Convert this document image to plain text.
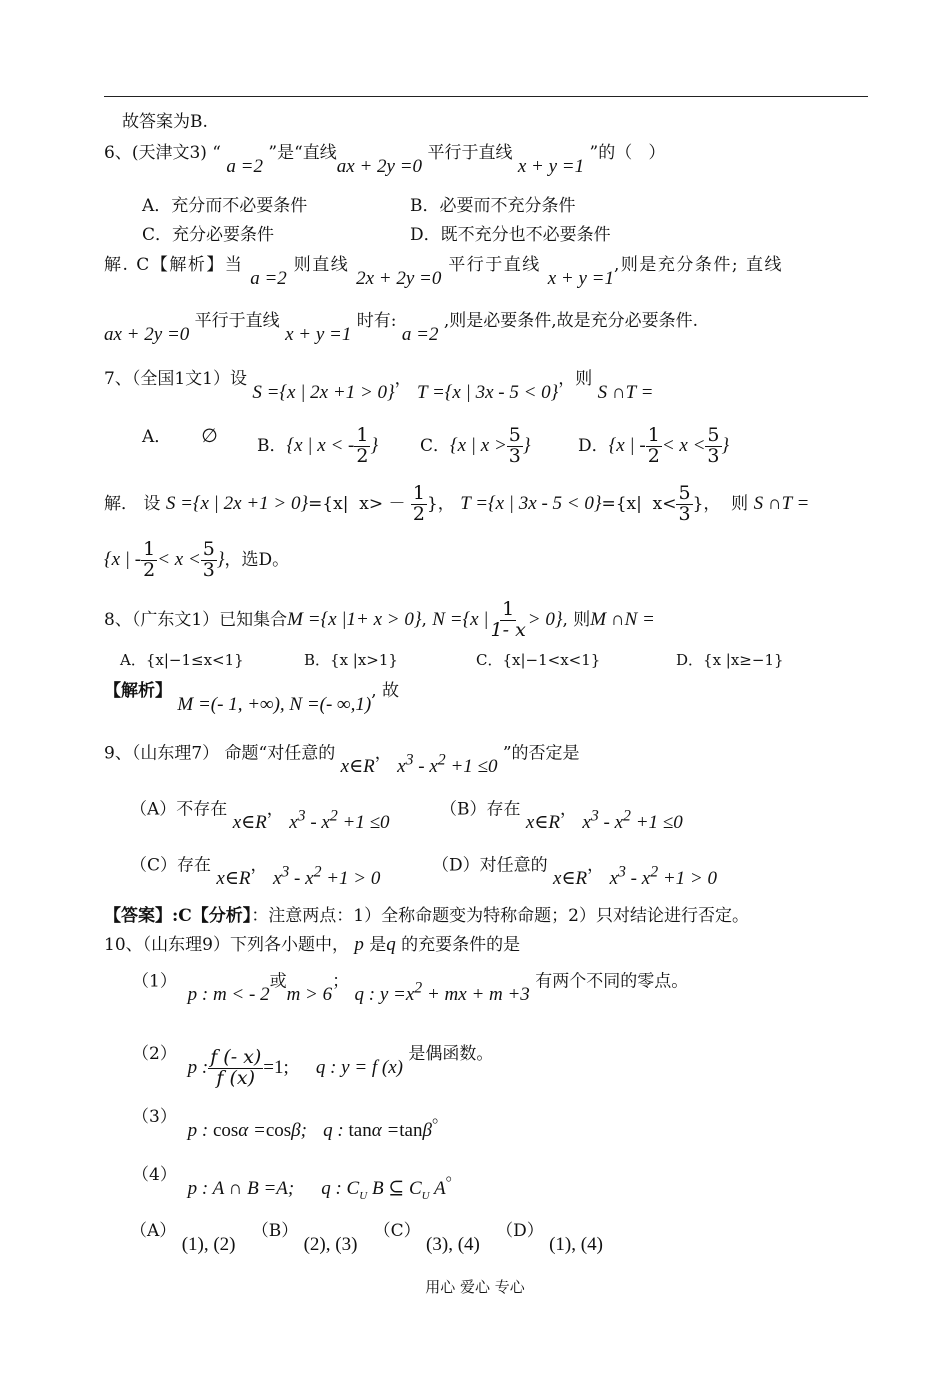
故答案为B.
6、(天津文3) “ a =2 ”是“直线ax + 2y =0 平行于直线 x + y =1 ”的（   ）
A．充分而不必要条件	B．必要而不充分条件
C．充分必要条件	D．既不充分也不必要条件
解. C【解析】当 a =2 则直线 2x + 2y =0 平行于直线 x + y =1,则是充分条件; 直线
ax + 2y =0 平行于直线 x + y =1 时有: a =2 ,则是必要条件,故是充分必要条件.
7、（全国1文1）设 S ={x | 2x +1 > 0}， T ={x | 3x - 5 < 0}，则 S ∩T =
A． ∅ B．{x | x < - $\frac{1}{2}$ } C．{x | $x > \frac{5}{3}$ }	D．{x | - $\frac{1}{2} < x < \frac{5}{3}$ }
解． 设 S ={x | 2x +1 > 0}={x|  $x> - \frac{1}{2}$ }， T ={x | 3x - 5 < 0}={x|  $x< \frac{5}{3}$ }，  则 S ∩T =
{x | - $\frac{1}{2} < x < \frac{5}{3}$ }，选D。
8、（广东文1）已知集合M ={x |1+ x > 0}, N ={x | $\frac{1}{1- x} > 0$}, 则M ∩N =
A．{x|−1≤x<1}	B．{x |x>1}	C．{x|−1<x<1}	D．{x |x≥−1}
【解析】 M =(- 1, +∞), N =(- ∞,1), 故
9、（山东理7） 命题“对任意的 x∈R， $x^3 - x^2 +1 \le 0$ ”的否定是
（A）不存在 x∈R， $x^3 - x^2 +1 \le 0$
（B）存在 x∈R， $x^3 - x^2 +1 \le 0$
（C）存在 x∈R， $x^3 - x^2 +1 > 0$
（D）对任意的 x∈R， $x^3 - x^2 +1 > 0$
【答案】:C【分析】：注意两点：1）全称命题变为特称命题；2）只对结论进行否定。
10、（山东理9）下列各小题中， p 是q 的充要条件的是
（1）  p : m < - 2或m > 6； q : $y =x^2$ + mx + m +3 有两个不同的零点。
（2）  p : $\frac{f (- x)}{f (x)} =1$; q : y = f (x) 是偶函数。
（3）  p : cosα =cosβ; q : tanα =tanβ。
（4）  p : A ∩ B =A; q : $C_U$ B ⊆ $C_U$ A。
（A） (1), (2)   （B） (2), (3)   （C） (3), (4)   （D） (1), (4)
用心 爱心 专心
